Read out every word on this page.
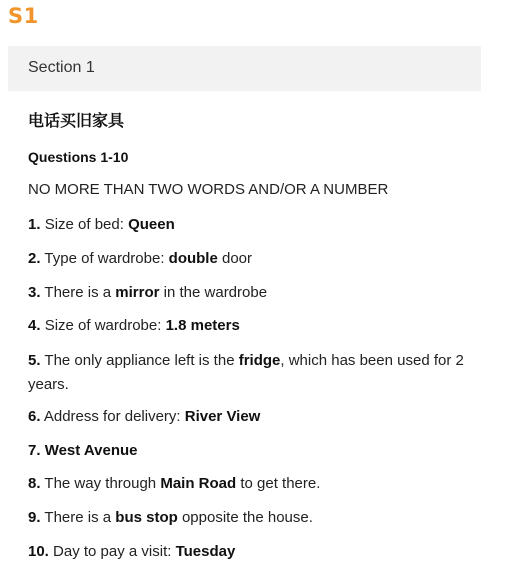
S1
Section 1
电话买旧家具
Questions 1-10
NO MORE THAN TWO WORDS AND/OR A NUMBER
1. Size of bed: Queen
2. Type of wardrobe: double door
3. There is a mirror in the wardrobe
4. Size of wardrobe: 1.8 meters
5. The only appliance left is the fridge, which has been used for 2 years.
6. Address for delivery: River View
7. West Avenue
8. The way through Main Road to get there.
9. There is a bus stop opposite the house.
10. Day to pay a visit: Tuesday
